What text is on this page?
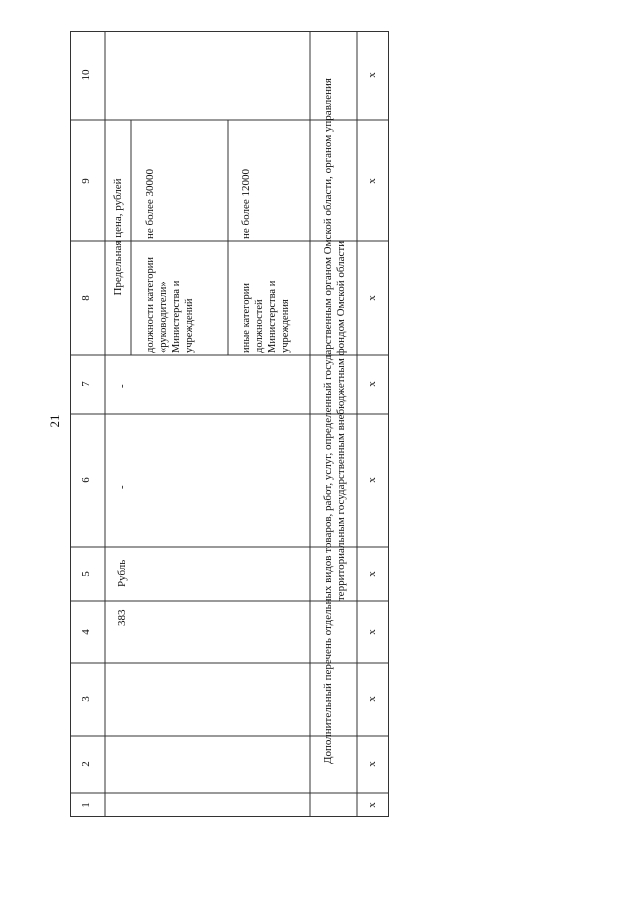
21
10
9
8
7
6
5
4
3
2
1
383
Рубль
-
-
Предельная цена, рублей
должности категории «руководители» Министерства и учреждений
не более 30000
иные категории должностей Министерства и учреждения
не более 12000	Дополнительный перечень отдельных видов товаров, работ, услуг, определенный государственным органом Омской области, органом управления территориальным государственным внебюджетным фондом Омской области
х
х
х
х
х
х
х
х
х
х
